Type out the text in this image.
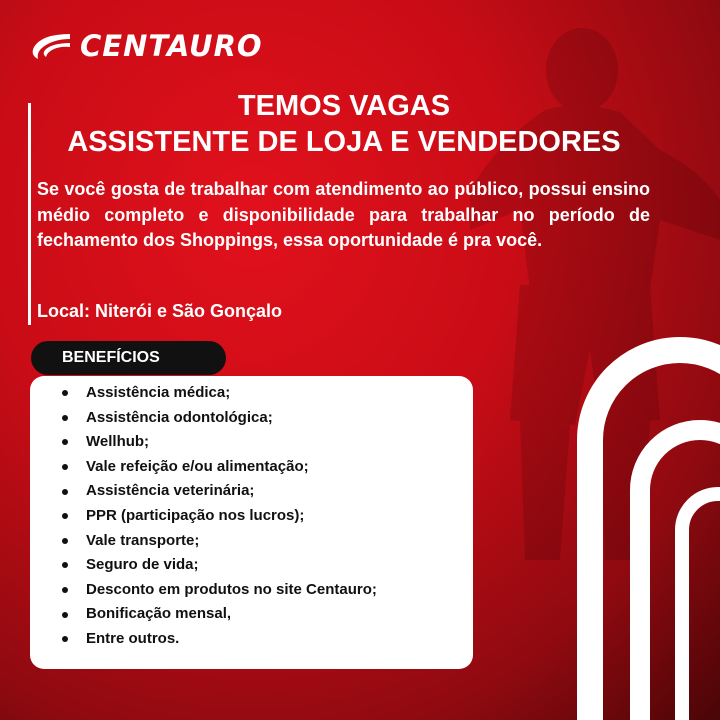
CENTAURO
TEMOS VAGAS
ASSISTENTE DE LOJA E VENDEDORES

Se você gosta de trabalhar com atendimento ao público, possui ensino médio completo e disponibilidade para trabalhar no período de fechamento dos Shoppings, essa oportunidade é pra você.

Local: Niterói e São Gonçalo
BENEFÍCIOS
Assistência médica;
Assistência odontológica;
Wellhub;
Vale refeição e/ou alimentação;
Assistência veterinária;
PPR (participação nos lucros);
Vale transporte;
Seguro de vida;
Desconto em produtos no site Centauro;
Bonificação mensal,
Entre outros.
